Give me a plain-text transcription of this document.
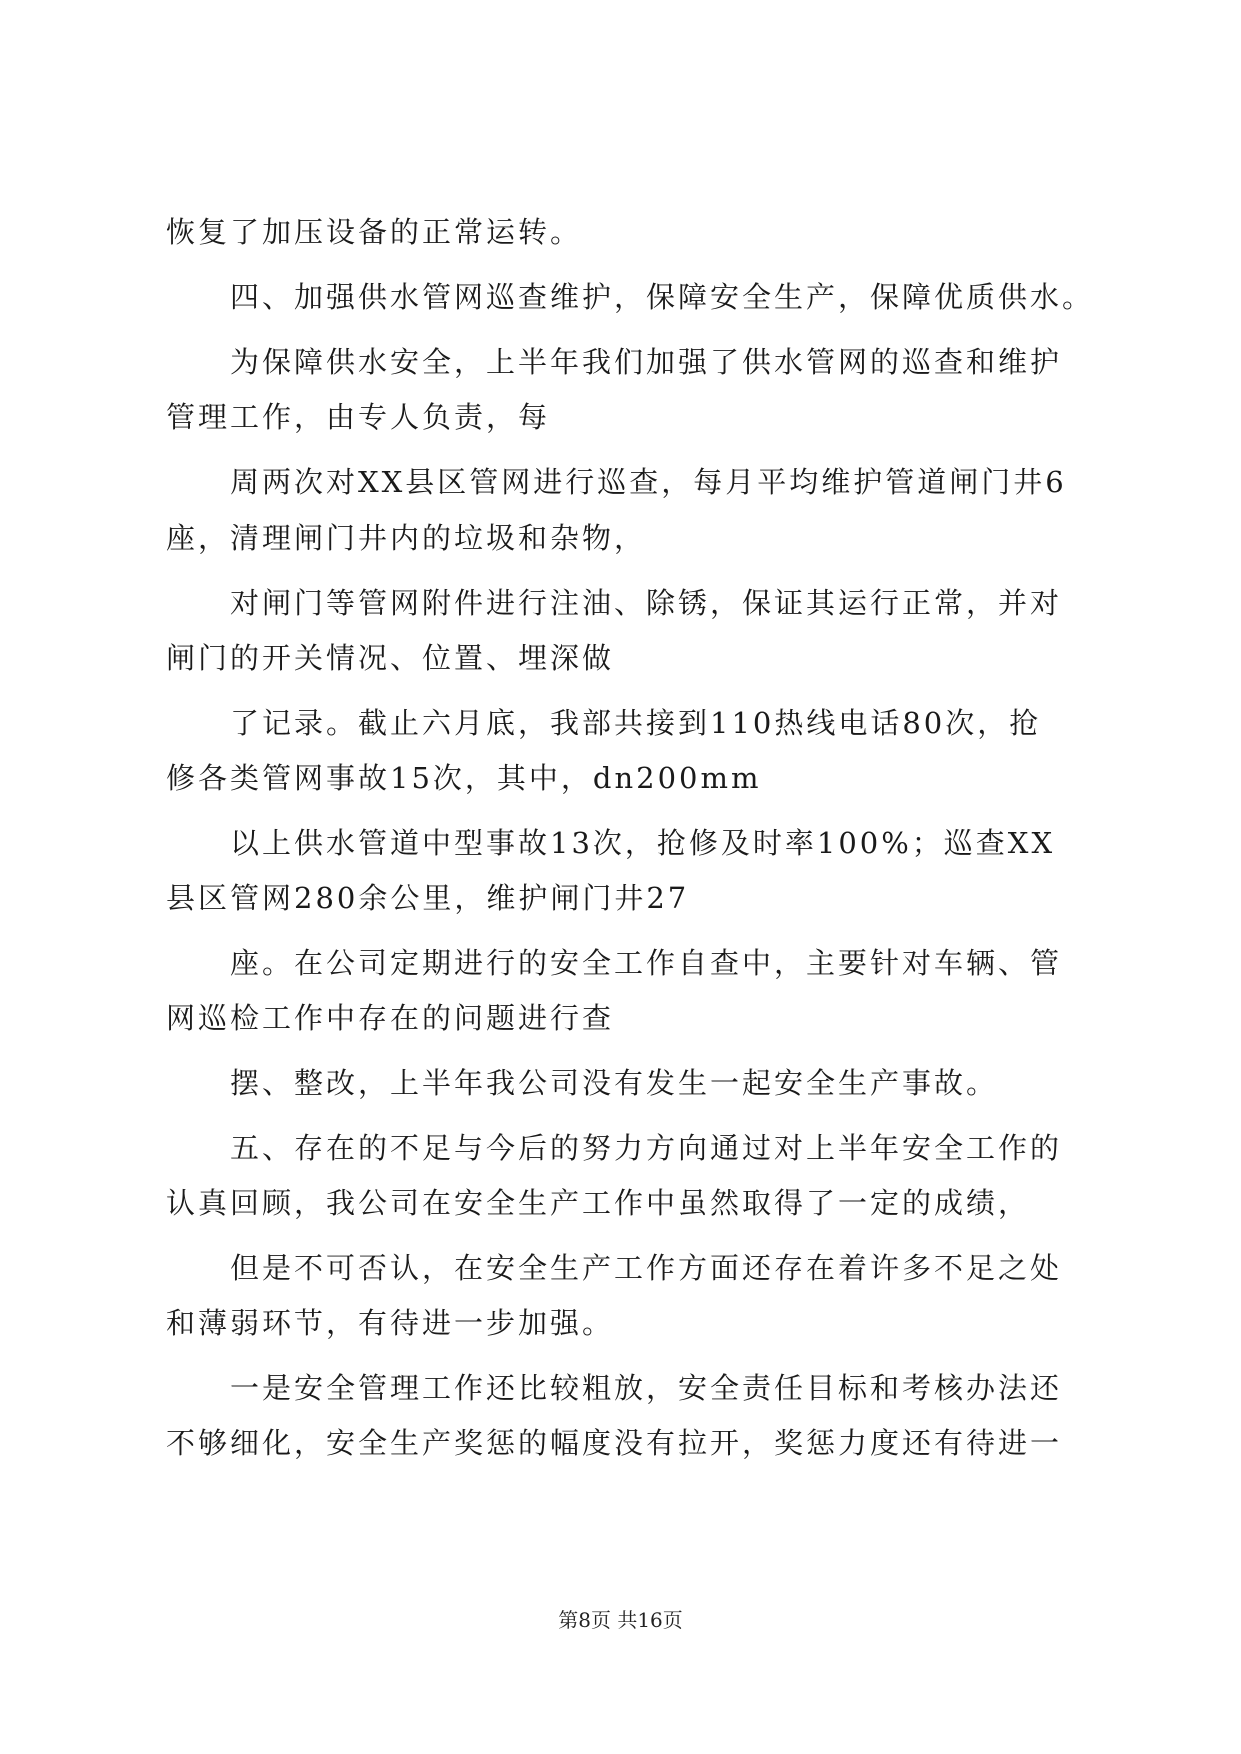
恢复了加压设备的正常运转。
四、加强供水管网巡查维护，保障安全生产，保障优质供水。
为保障供水安全，上半年我们加强了供水管网的巡查和维护
管理工作，由专人负责，每
周两次对XX县区管网进行巡查，每月平均维护管道闸门井6
座，清理闸门井内的垃圾和杂物，
对闸门等管网附件进行注油、除锈，保证其运行正常，并对
闸门的开关情况、位置、埋深做
了记录。截止六月底，我部共接到110热线电话80次，抢
修各类管网事故15次，其中，dn200mm
以上供水管道中型事故13次，抢修及时率100%；巡查XX
县区管网280余公里，维护闸门井27
座。在公司定期进行的安全工作自查中，主要针对车辆、管
网巡检工作中存在的问题进行查
摆、整改，上半年我公司没有发生一起安全生产事故。
五、存在的不足与今后的努力方向通过对上半年安全工作的
认真回顾，我公司在安全生产工作中虽然取得了一定的成绩，
但是不可否认，在安全生产工作方面还存在着许多不足之处
和薄弱环节，有待进一步加强。
一是安全管理工作还比较粗放，安全责任目标和考核办法还
不够细化，安全生产奖惩的幅度没有拉开，奖惩力度还有待进一
第8页 共16页
